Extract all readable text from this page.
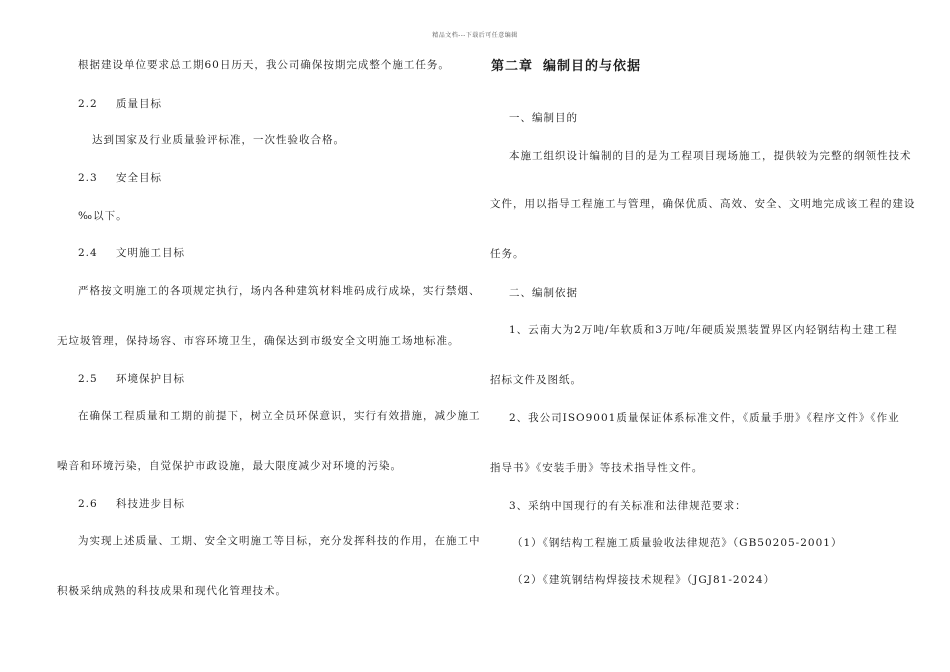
精品文档---下载后可任意编辑
根据建设单位要求总工期60日历天，我公司确保按期完成整个施工任务。
2.2 质量目标
达到国家及行业质量验评标准，一次性验收合格。
2.3 安全目标
‰以下。
2.4 文明施工目标
严格按文明施工的各项规定执行，场内各种建筑材料堆码成行成垛，实行禁烟、
无垃圾管理，保持场容、市容环境卫生，确保达到市级安全文明施工场地标准。
2.5 环境保护目标
在确保工程质量和工期的前提下，树立全员环保意识，实行有效措施，减少施工
噪音和环境污染，自觉保护市政设施，最大限度减少对环境的污染。
2.6 科技进步目标
为实现上述质量、工期、安全文明施工等目标，充分发挥科技的作用，在施工中
积极采纳成熟的科技成果和现代化管理技术。
第二章 编制目的与依据
一、编制目的
本施工组织设计编制的目的是为工程项目现场施工，提供较为完整的纲领性技术
文件，用以指导工程施工与管理，确保优质、高效、安全、文明地完成该工程的建设
任务。
二、编制依据
1、云南大为2万吨/年软质和3万吨/年硬质炭黑装置界区内轻钢结构土建工程
招标文件及图纸。
2、我公司ISO9001质量保证体系标准文件，《质量手册》《程序文件》《作业
指导书》《安装手册》等技术指导性文件。
3、采纳中国现行的有关标准和法律规范要求：
（1）《钢结构工程施工质量验收法律规范》（GB50205-2001）
（2）《建筑钢结构焊接技术规程》（JGJ81-2024）
